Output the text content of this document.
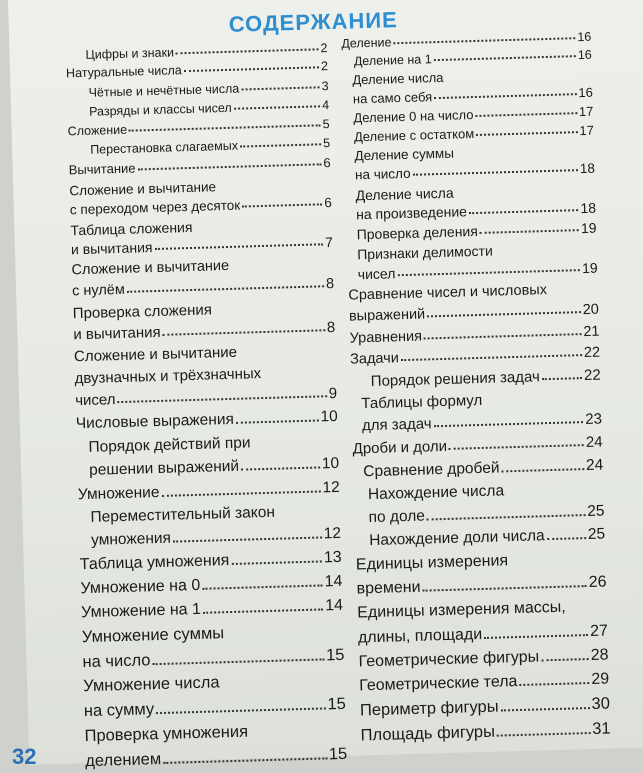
СОДЕРЖАНИЕ
Цифры и знаки	2
Натуральные числа	2
Чётные и нечётные числа	3
Разряды и классы чисел	4
Сложение	5
Перестановка слагаемых	5
Вычитание	6
Сложение и вычитание
с переходом через десяток	6
Таблица сложения
и вычитания	7
Сложение и вычитание
с нулём	8
Проверка сложения
и вычитания	8
Сложение и вычитание
двузначных и трёхзначных
чисел	9
Числовые выражения	10
Порядок действий при
решении выражений	10
Умножение	12
Переместительный закон
умножения	12
Таблица умножения	13
Умножение на 0	14
Умножение на 1	14
Умножение суммы
на число	15
Умножение числа
на сумму	15
Проверка умножения
делением	15
Деление	16
Деление на 1	16
Деление числа
на само себя	16
Деление 0 на число	17
Деление с остатком	17
Деление суммы
на число	18
Деление числа
на произведение	18
Проверка деления	19
Признаки делимости
чисел	19
Сравнение чисел и числовых
выражений	20
Уравнения	21
Задачи	22
Порядок решения задач	22
Таблицы формул
для задач	23
Дроби и доли	24
Сравнение дробей	24
Нахождение числа
по доле	25
Нахождение доли числа	25
Единицы измерения
времени	26
Единицы измерения массы,
длины, площади	27
Геометрические фигуры	28
Геометрические тела	29
Периметр фигуры	30
Площадь фигуры	31
32
